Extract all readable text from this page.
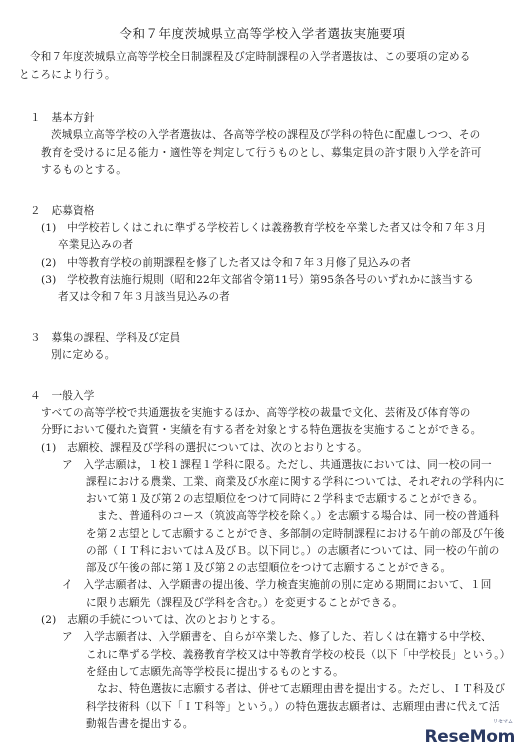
令和７年度茨城県立高等学校入学者選抜実施要項
令和７年度茨城県立高等学校全日制課程及び定時制課程の入学者選抜は、この要項の定める
ところにより行う。
１　基本方針
茨城県立高等学校の入学者選抜は、各高等学校の課程及び学科の特色に配慮しつつ、その
教育を受けるに足る能力・適性等を判定して行うものとし、募集定員の許す限り入学を許可
するものとする。
２　応募資格
(1)　中学校若しくはこれに準ずる学校若しくは義務教育学校を卒業した者又は令和７年３月
卒業見込みの者
(2)　中等教育学校の前期課程を修了した者又は令和７年３月修了見込みの者
(3)　学校教育法施行規則（昭和22年文部省令第11号）第95条各号のいずれかに該当する
者又は令和７年３月該当見込みの者
３　募集の課程、学科及び定員
別に定める。
４　一般入学
すべての高等学校で共通選抜を実施するほか、高等学校の裁量で文化、芸術及び体育等の
分野において優れた資質・実績を有する者を対象とする特色選抜を実施することができる。
(1)　志願校、課程及び学科の選択については、次のとおりとする。
ア　入学志願は，１校１課程１学科に限る。ただし、共通選抜においては、同一校の同一
課程における農業、工業、商業及び水産に関する学科については、それぞれの学科内に
おいて第１及び第２の志望順位をつけて同時に２学科まで志願することができる。
また、普通科のコース（筑波高等学校を除く。）を志願する場合は、同一校の普通科
を第２志望として志願することができ、多部制の定時制課程における午前の部及び午後
の部（ＩＴ科においてはＡ及びＢ。以下同じ。）の志願者については、同一校の午前の
部及び午後の部に第１及び第２の志望順位をつけて志願することができる。
イ　入学志願者は、入学願書の提出後、学力検査実施前の別に定める期間において、１回
に限り志願先（課程及び学科を含む。）を変更することができる。
(2)　志願の手続については、次のとおりとする。
ア　入学志願者は、入学願書を、自らが卒業した、修了した、若しくは在籍する中学校、
これに準ずる学校、義務教育学校又は中等教育学校の校長（以下「中学校長」という。）
を経由して志願先高等学校長に提出するものとする。
なお、特色選抜に志願する者は、併せて志願理由書を提出する。ただし、ＩＴ科及び
科学技術科（以下「ＩＴ科等」という。）の特色選抜志願者は、志願理由書に代えて活
動報告書を提出する。
ReseMom
リセマム
